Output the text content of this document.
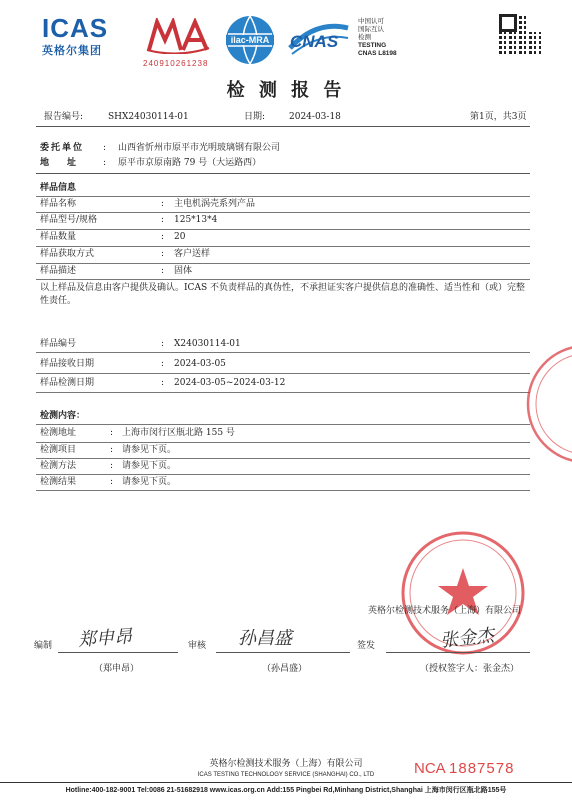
ICAS
英格尔集团
240910261238
ilac-MRA CNAS
中国认可
国际互认
检测
TESTING
CNAS L8198
检 测 报 告
报告编号:	SHX24030114-01	日期:	2024-03-18	第1页，共3页
委托单位 : 山西省忻州市原平市光明玻璃钢有限公司
地　　址	: 原平市京原南路 79 号（大运路西）
样品信息
样品名称	: 主电机涡壳系列产品
样品型号/规格	: 125*13*4
样品数量	: 20
样品获取方式	: 客户送样
样品描述	: 固体
以上样品及信息由客户提供及确认。ICAS 不负责样品的真伪性，不承担证实客户提供信息的准确性、适当性和（或）完整性责任。
样品编号	: X24030114-01
样品接收日期	: 2024-03-05
样品检测日期	: 2024-03-05~2024-03-12
检测内容：
检测地址	: 上海市闵行区瓶北路 155 号
检测项目	: 请参见下页。
检测方法	: 请参见下页。
检测结果	: 请参见下页。
英格尔检测技术服务（上海）有限公司
编制 郑申昂
（郑申昂）
审核 孙昌盛
（孙昌盛）
签发	张金杰
（授权签字人：张金杰）
英格尔检测技术服务（上海）有限公司
ICAS TESTING TECHNOLOGY SERVICE (SHANGHAI) CO., LTD	NCA 1887578
Hotline:400-182-9001 Tel:0086 21-51682918 www.icas.org.cn Add:155 Pingbei Rd,Minhang District,Shanghai 上海市闵行区瓶北路155号
